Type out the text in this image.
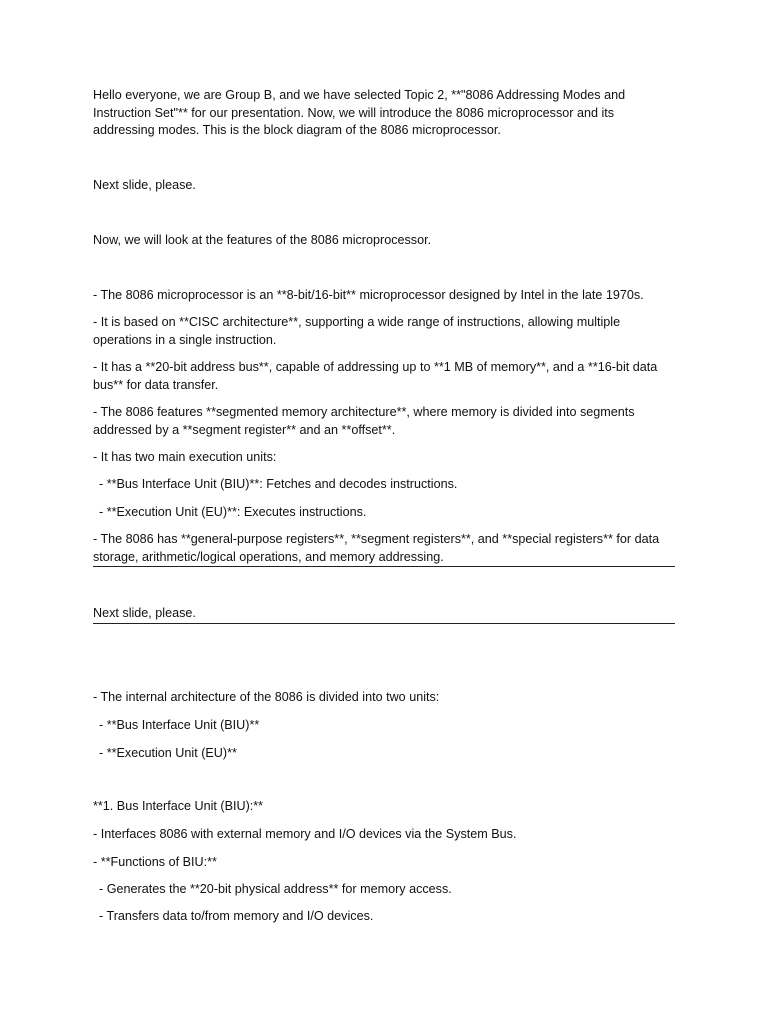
Hello everyone, we are Group B, and we have selected Topic 2, **"8086 Addressing Modes and Instruction Set"** for our presentation. Now, we will introduce the 8086 microprocessor and its addressing modes. This is the block diagram of the 8086 microprocessor.

Next slide, please.

Now, we will look at the features of the 8086 microprocessor.

- The 8086 microprocessor is an **8-bit/16-bit** microprocessor designed by Intel in the late 1970s.

- It is based on **CISC architecture**, supporting a wide range of instructions, allowing multiple operations in a single instruction.

- It has a **20-bit address bus**, capable of addressing up to **1 MB of memory**, and a **16-bit data bus** for data transfer.

- The 8086 features **segmented memory architecture**, where memory is divided into segments addressed by a **segment register** and an **offset**.

- It has two main execution units:

- **Bus Interface Unit (BIU)**: Fetches and decodes instructions.

- **Execution Unit (EU)**: Executes instructions.

- The 8086 has **general-purpose registers**, **segment registers**, and **special registers** for data storage, arithmetic/logical operations, and memory addressing.

Next slide, please.

- The internal architecture of the 8086 is divided into two units:

- **Bus Interface Unit (BIU)**

- **Execution Unit (EU)**

**1. Bus Interface Unit (BIU):**

- Interfaces 8086 with external memory and I/O devices via the System Bus.

- **Functions of BIU:**

- Generates the **20-bit physical address** for memory access.

- Transfers data to/from memory and I/O devices.
